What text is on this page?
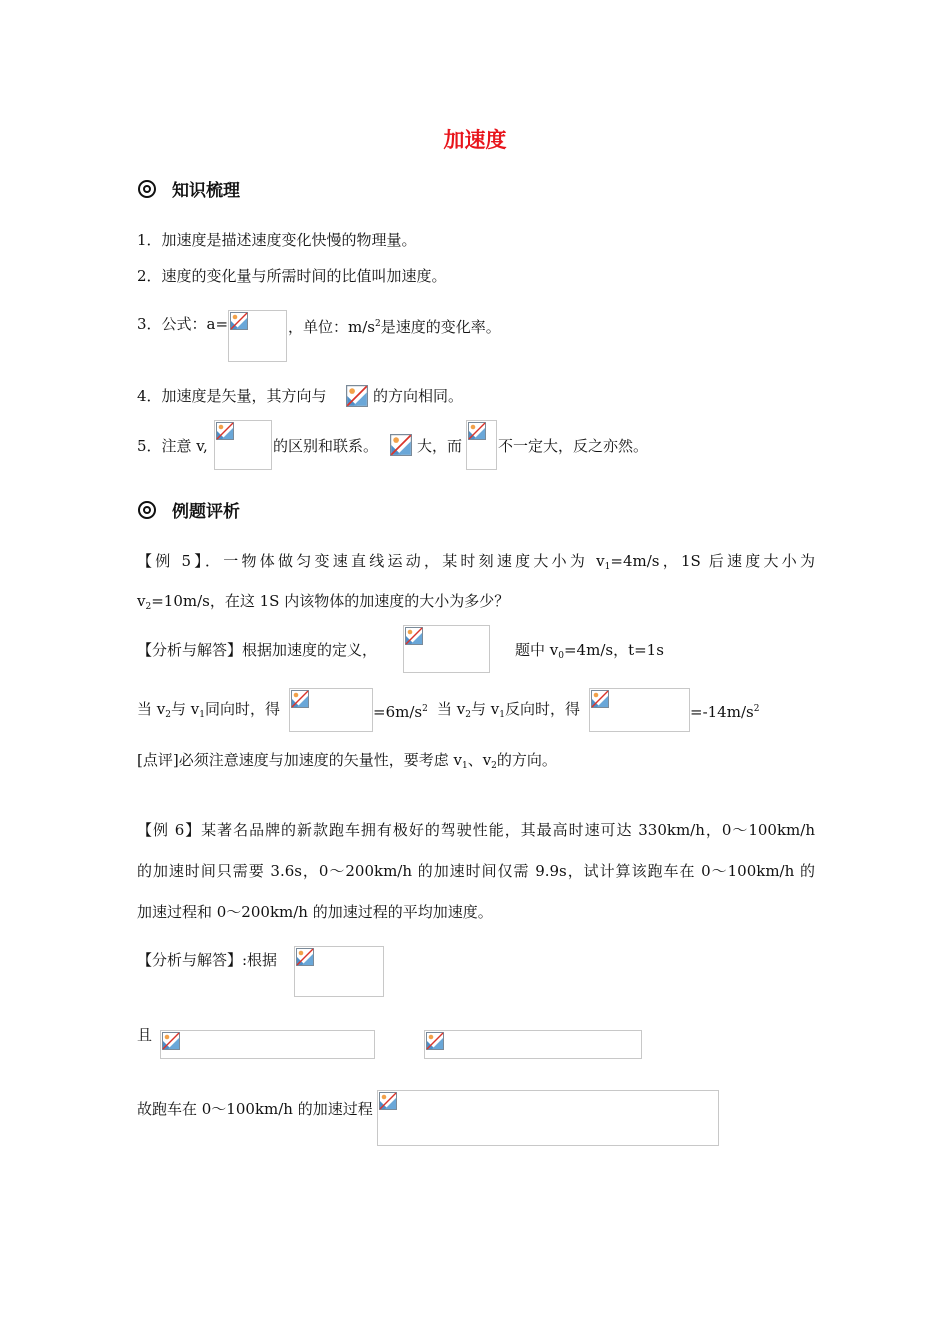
加速度
知识梳理
1．加速度是描述速度变化快慢的物理量。
2．速度的变化量与所需时间的比值叫加速度。
3．公式：a=	，单位：$m/s^2$是速度的变化率。
4．加速度是矢量，其方向与	的方向相同。
5．注意 v,	的区别和联系。	大，而 不一定大，反之亦然。
例题评析
【例 5】．一物体做匀变速直线运动，某时刻速度大小为 $v_1=4m/s$，1S 后速度大小为
$v_2=10m/s$，在这 1S 内该物体的加速度的大小为多少？
【分析与解答】根据加速度的定义，	题中 $v_0=4m/s$，t=1s
当 $v_2$与 $v_1$同向时，得	$=6m/s^2$ 当 $v_2$与 $v_1$反向时，得	$=-14m/s^2$
[点评]必须注意速度与加速度的矢量性，要考虑 $v_1$、$v_2$的方向。
【例 6】某著名品牌的新款跑车拥有极好的驾驶性能，其最高时速可达 330km/h，0～100km/h
的加速时间只需要 3.6s，0～200km/h 的加速时间仅需 9.9s，试计算该跑车在 0～100km/h 的
加速过程和 0～200km/h 的加速过程的平均加速度。
【分析与解答】:根据
且
故跑车在 0～100km/h 的加速过程
